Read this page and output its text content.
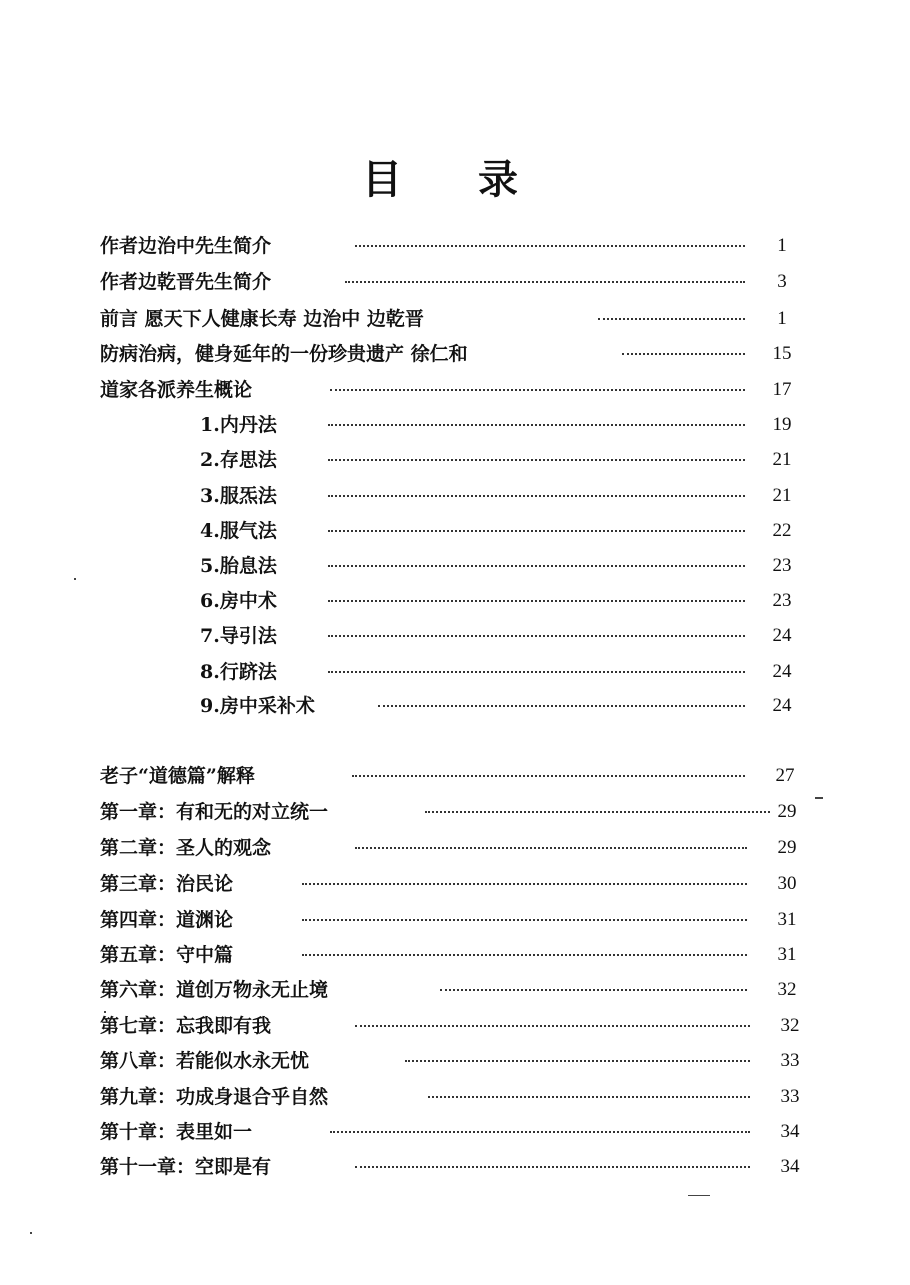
目 录
作者边治中先生简介	1
作者边乾晋先生简介	3
前言 愿天下人健康长寿 边治中 边乾晋	1
防病治病，健身延年的一份珍贵遗产 徐仁和	15
道家各派养生概论	17
1.内丹法	19
2.存思法	21
3.服炁法	21
4.服气法	22
5.胎息法	23
6.房中术	23
7.导引法	24
8.行跻法	24
9.房中采补术	24
老子“道德篇”解释	27
第一章：有和无的对立统一	29
第二章：圣人的观念	29
第三章：治民论	30
第四章：道渊论	31
第五章：守中篇	31
第六章：道创万物永无止境	32
第七章：忘我即有我	32
第八章：若能似水永无忧	33
第九章：功成身退合乎自然	33
第十章：表里如一	34
第十一章：空即是有	34
